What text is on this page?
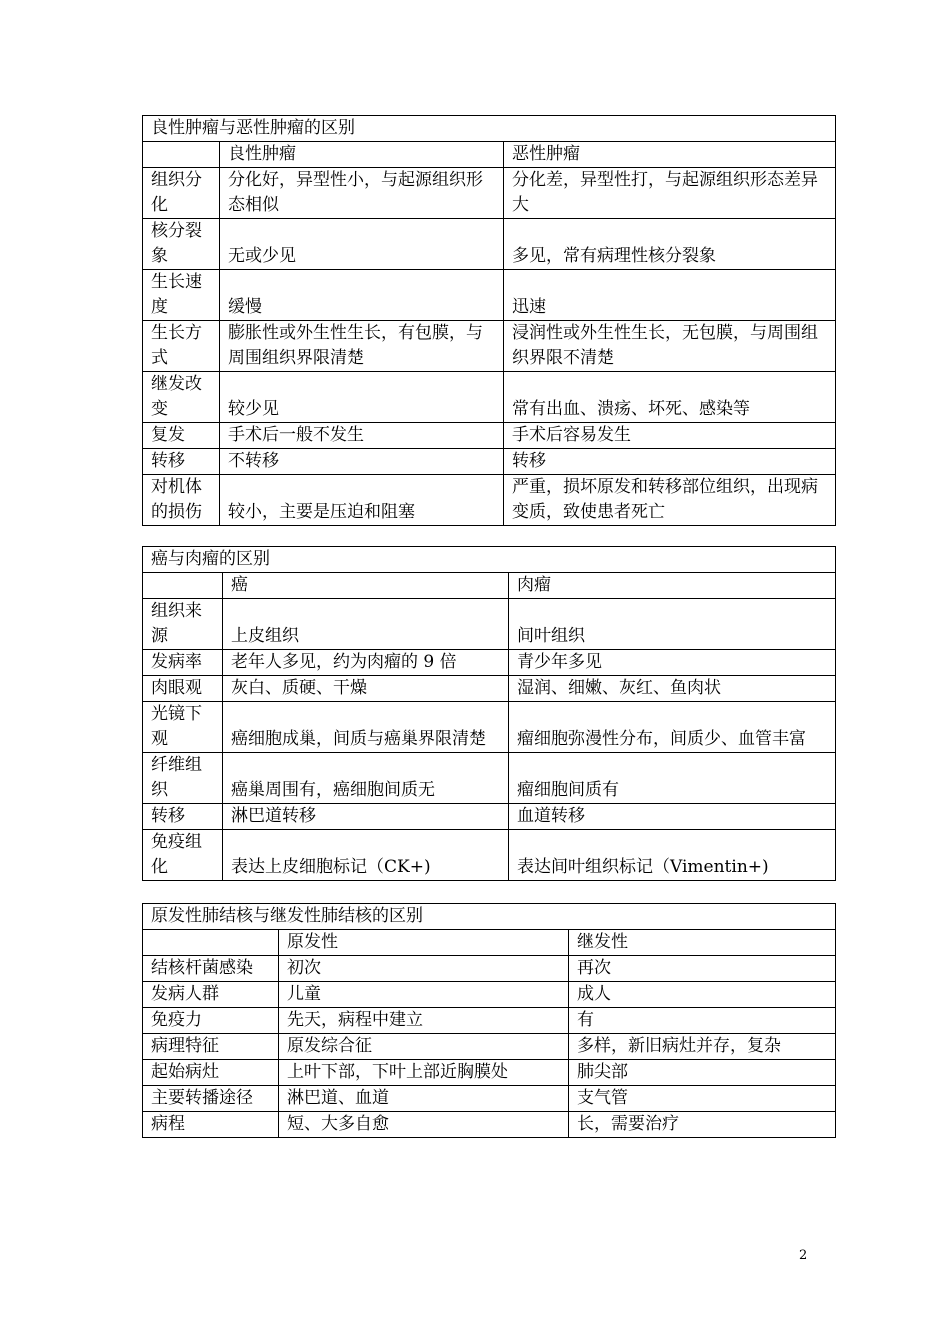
良性肿瘤与恶性肿瘤的区别		
	良性肿瘤	恶性肿瘤
组织分化	分化好，异型性小，与起源组织形态相似	分化差，异型性打，与起源组织形态差异大
核分裂象	无或少见	多见，常有病理性核分裂象
生长速度	缓慢	迅速
生长方式	膨胀性或外生性生长，有包膜，与周围组织界限清楚	浸润性或外生性生长，无包膜，与周围组织界限不清楚
继发改变	较少见	常有出血、溃疡、坏死、感染等
复发	手术后一般不发生	手术后容易发生
转移	不转移	转移
对机体的损伤	较小，主要是压迫和阻塞	严重，损坏原发和转移部位组织，出现病变质，致使患者死亡
癌与肉瘤的区别		
	癌	肉瘤
组织来源	上皮组织	间叶组织
发病率	老年人多见，约为肉瘤的 9 倍	青少年多见
肉眼观	灰白、质硬、干燥	湿润、细嫩、灰红、鱼肉状
光镜下观	癌细胞成巢，间质与癌巢界限清楚	瘤细胞弥漫性分布，间质少、血管丰富
纤维组织	癌巢周围有，癌细胞间质无	瘤细胞间质有
转移	淋巴道转移	血道转移
免疫组化	表达上皮细胞标记（CK+)	表达间叶组织标记（Vimentin+)
原发性肺结核与继发性肺结核的区别		
	原发性	继发性
结核杆菌感染	初次	再次
发病人群	儿童	成人
免疫力	先天，病程中建立	有
病理特征	原发综合征	多样，新旧病灶并存，复杂
起始病灶	上叶下部，下叶上部近胸膜处	肺尖部
主要转播途径	淋巴道、血道	支气管
病程	短、大多自愈	长，需要治疗
2
